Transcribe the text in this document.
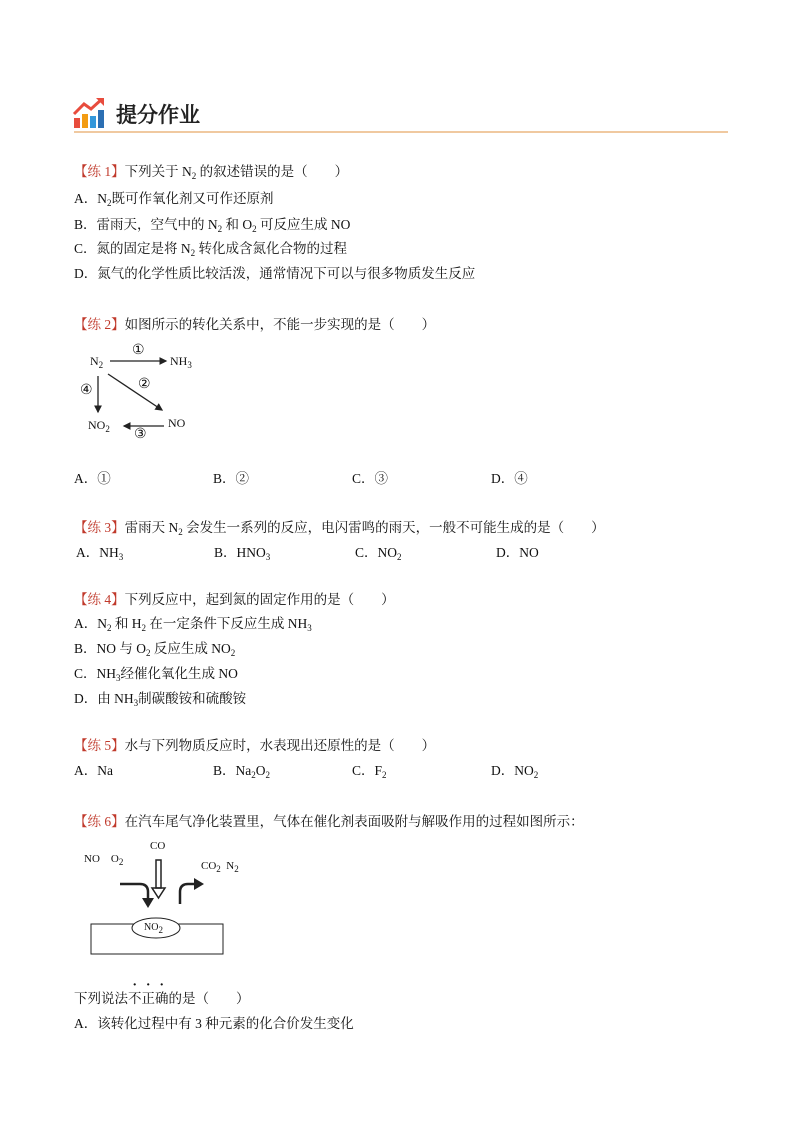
提分作业
【练 1】下列关于 $N_2$ 的叙述错误的是（　　）
A．$N_2$既可作氧化剂又可作还原剂
B．雷雨天，空气中的 $N_2$ 和 $O_2$ 可反应生成 NO
C．氮的固定是将 $N_2$ 转化成含氮化合物的过程
D．氮气的化学性质比较活泼，通常情况下可以与很多物质发生反应
【练 2】如图所示的转化关系中，不能一步实现的是（　　）
$N_2$	$NH_3$
$NO_2$	NO
①
②
③
④
A．①	B．②	C．③	D．④
【练 3】雷雨天 $N_2$ 会发生一系列的反应，电闪雷鸣的雨天，一般不可能生成的是（　　）
A．$NH_3$	B．$HNO_3$	C．$NO_2$	D．NO
【练 4】下列反应中，起到氮的固定作用的是（　　）
A．$N_2$ 和 $H_2$ 在一定条件下反应生成 $NH_3$
B．NO 与 $O_2$ 反应生成 $NO_2$
C．$NH_3$经催化氧化生成 NO
D．由 $NH_3$制碳酸铵和硫酸铵
【练 5】水与下列物质反应时，水表现出还原性的是（　　）
A．Na	B．$Na_2O_2$	C．$F_2$	D．$NO_2$
【练 6】在汽车尾气净化装置里，气体在催化剂表面吸附与解吸作用的过程如图所示：
NO　$O_2$
CO
$CO_2$ $N_2$
NO2
下列说法不正确的是（　　）
A．该转化过程中有 3 种元素的化合价发生变化
